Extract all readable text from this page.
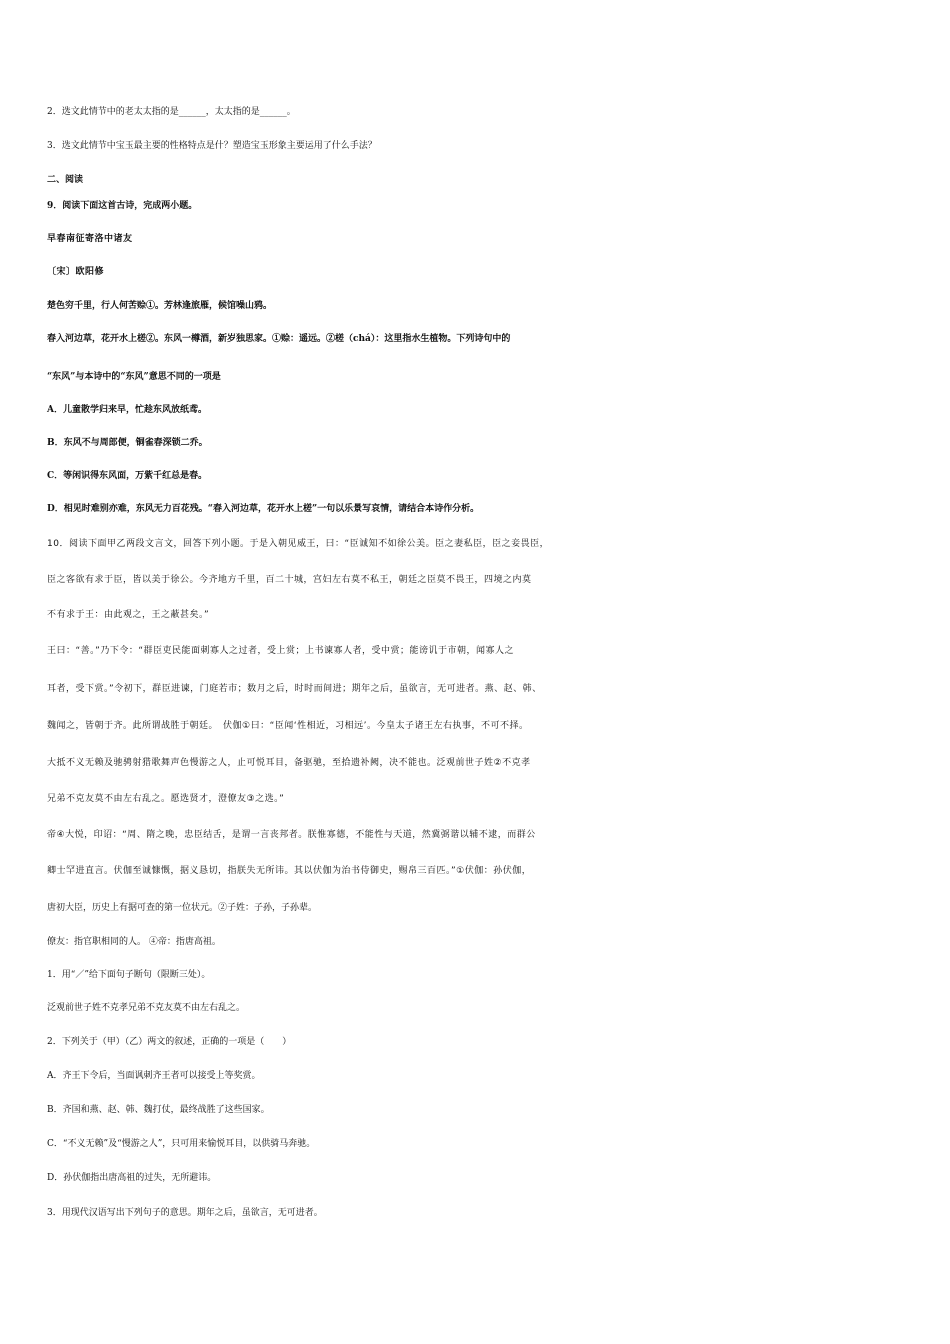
2．选文此情节中的老太太指的是______，太太指的是______。
3．选文此情节中宝玉最主要的性格特点是什？塑造宝玉形象主要运用了什么手法？
二、阅读
9．阅读下面这首古诗，完成两小题。
早春南征寄洛中诸友
〔宋〕欧阳修
楚色穷千里，行人何苦赊①。芳林逢旅雁，候馆噪山鸦。
春入河边草，花开水上槎②。东风一樽酒，新岁独思家。①赊：遥远。②槎（chá）：这里指水生植物。下列诗句中的
“东风”与本诗中的“东风”意思不同的一项是
A．儿童散学归来早，忙趁东风放纸鸢。
B．东风不与周郎便，铜雀春深锁二乔。
C．等闲识得东风面，万紫千红总是春。
D．相见时难别亦难，东风无力百花残。“春入河边草，花开水上槎”一句以乐景写哀情，请结合本诗作分析。
10．阅读下面甲乙两段文言文，回答下列小题。于是入朝见威王，曰：“臣诚知不如徐公美。臣之妻私臣，臣之妾畏臣，
臣之客欲有求于臣，皆以美于徐公。今齐地方千里，百二十城，宫妇左右莫不私王，朝廷之臣莫不畏王，四境之内莫
不有求于王：由此观之，王之蔽甚矣。”
王曰：“善。”乃下令：“群臣吏民能面刺寡人之过者，受上赏；上书谏寡人者，受中赏；能谤讥于市朝，闻寡人之
耳者，受下赏。”令初下，群臣进谏，门庭若市；数月之后，时时而间进；期年之后，虽欲言，无可进者。燕、赵、韩、
魏闻之，皆朝于齐。此所谓战胜于朝廷。　伏伽①曰：“臣闻‘性相近，习相远’。今皇太子诸王左右执事，不可不择。
大抵不义无赖及驰骋射猎歌舞声色慢游之人，止可悦耳目，备驱驰，至拾遗补阙，决不能也。泛观前世子姓②不克孝
兄弟不克友莫不由左右乱之。愿选贤才，澄僚友③之选。”
帝④大悦，印诏：“周、隋之晚，忠臣结舌，是谓一言丧邦者。朕惟寡德，不能性与天道，然冀弼谐以辅不逮，而群公
卿士罕进直言。伏伽至诚慷慨，据义恳切，指朕失无所讳。其以伏伽为治书侍御史，赐帛三百匹。”①伏伽：孙伏伽，
唐初大臣，历史上有据可查的第一位状元。②子姓：子孙，子孙辈。
僚友：指官职相同的人。 ④帝：指唐高祖。
1．用“／”给下面句子断句（限断三处）。
泛观前世子姓不克孝兄弟不克友莫不由左右乱之。
2．下列关于（甲）（乙）两文的叙述，正确的一项是（　　）
A．齐王下令后，当面讽刺齐王者可以接受上等奖赏。
B．齐国和燕、赵、韩、魏打仗，最终战胜了这些国家。
C．“不义无赖”及“慢游之人”，只可用来愉悦耳目，以供骑马奔驰。
D．孙伏伽指出唐高祖的过失，无所避讳。
3．用现代汉语写出下列句子的意思。期年之后，虽欲言，无可进者。
